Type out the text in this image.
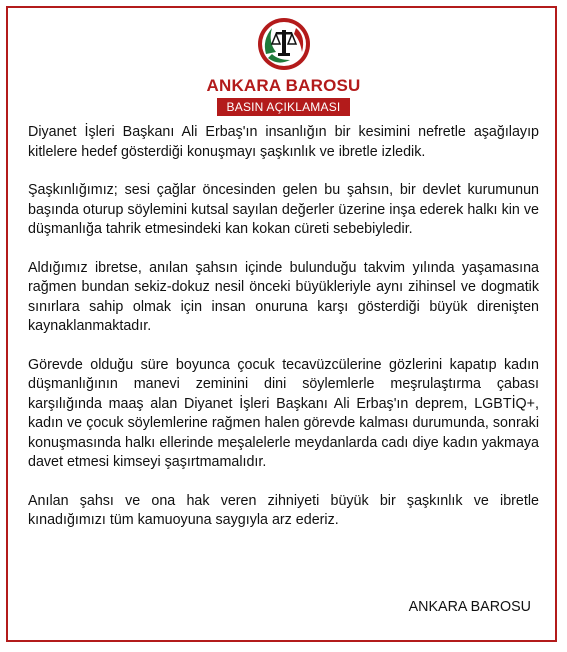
ANKARA BAROSU
BASIN AÇIKLAMASI

Diyanet İşleri Başkanı Ali Erbaş'ın insanlığın bir kesimini nefretle aşağılayıp kitlelere hedef gösterdiği konuşmayı şaşkınlık ve ibretle izledik.

Şaşkınlığımız; sesi çağlar öncesinden gelen bu şahsın, bir devlet kurumunun başında oturup söylemini kutsal sayılan değerler üzerine inşa ederek halkı kin ve düşmanlığa tahrik etmesindeki kan kokan cüreti sebebiyledir.

Aldığımız ibretse, anılan şahsın içinde bulunduğu takvim yılında yaşamasına rağmen bundan sekiz-dokuz nesil önceki büyükleriyle aynı zihinsel ve dogmatik sınırlara sahip olmak için insan onuruna karşı gösterdiği büyük direnişten kaynaklanmaktadır.

Görevde olduğu süre boyunca çocuk tecavüzcülerine gözlerini kapatıp kadın düşmanlığının manevi zeminini dini söylemlerle meşrulaştırma çabası karşılığında maaş alan Diyanet İşleri Başkanı Ali Erbaş'ın deprem, LGBTİQ+, kadın ve çocuk söylemlerine rağmen halen görevde kalması durumunda, sonraki konuşmasında halkı ellerinde meşalelerle meydanlarda cadı diye kadın yakmaya davet etmesi kimseyi şaşırtmamalıdır.

Anılan şahsı ve ona hak veren zihniyeti büyük bir şaşkınlık ve ibretle kınadığımızı tüm kamuoyuna saygıyla arz ederiz.

ANKARA BAROSU
